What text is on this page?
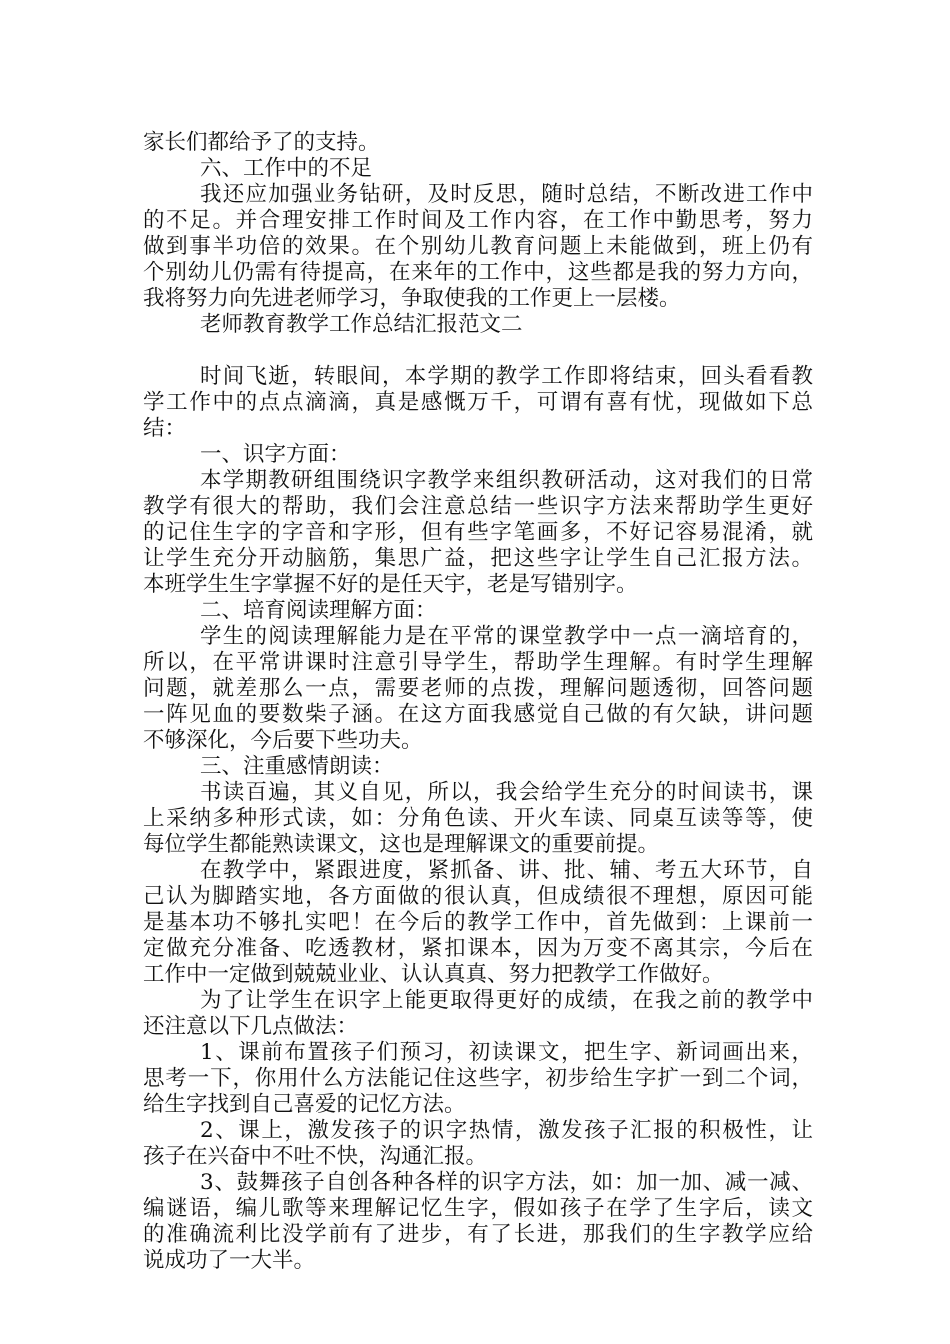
家长们都给予了的支持。
六、工作中的不足
我还应加强业务钻研，及时反思，随时总结，不断改进工作中
的不足。并合理安排工作时间及工作内容，在工作中勤思考，努力
做到事半功倍的效果。在个别幼儿教育问题上未能做到，班上仍有
个别幼儿仍需有待提高，在来年的工作中，这些都是我的努力方向，
我将努力向先进老师学习，争取使我的工作更上一层楼。
老师教育教学工作总结汇报范文二
时间飞逝，转眼间，本学期的教学工作即将结束，回头看看教
学工作中的点点滴滴，真是感慨万千，可谓有喜有忧，现做如下总
结：
一、识字方面：
本学期教研组围绕识字教学来组织教研活动，这对我们的日常
教学有很大的帮助，我们会注意总结一些识字方法来帮助学生更好
的记住生字的字音和字形，但有些字笔画多，不好记容易混淆，就
让学生充分开动脑筋，集思广益，把这些字让学生自己汇报方法。
本班学生生字掌握不好的是任天宇，老是写错别字。
二、培育阅读理解方面：
学生的阅读理解能力是在平常的课堂教学中一点一滴培育的，
所以，在平常讲课时注意引导学生，帮助学生理解。有时学生理解
问题，就差那么一点，需要老师的点拨，理解问题透彻，回答问题
一阵见血的要数柴子涵。在这方面我感觉自己做的有欠缺，讲问题
不够深化，今后要下些功夫。
三、注重感情朗读：
书读百遍，其义自见，所以，我会给学生充分的时间读书，课
上采纳多种形式读，如：分角色读、开火车读、同桌互读等等，使
每位学生都能熟读课文，这也是理解课文的重要前提。
在教学中，紧跟进度，紧抓备、讲、批、辅、考五大环节，自
己认为脚踏实地，各方面做的很认真，但成绩很不理想，原因可能
是基本功不够扎实吧！在今后的教学工作中，首先做到：上课前一
定做充分准备、吃透教材，紧扣课本，因为万变不离其宗，今后在
工作中一定做到兢兢业业、认认真真、努力把教学工作做好。
为了让学生在识字上能更取得更好的成绩，在我之前的教学中
还注意以下几点做法：
1、课前布置孩子们预习，初读课文，把生字、新词画出来，
思考一下，你用什么方法能记住这些字，初步给生字扩一到二个词，
给生字找到自己喜爱的记忆方法。
2、课上，激发孩子的识字热情，激发孩子汇报的积极性，让
孩子在兴奋中不吐不快，沟通汇报。
3、鼓舞孩子自创各种各样的识字方法，如：加一加、减一减、
编谜语，编儿歌等来理解记忆生字，假如孩子在学了生字后，读文
的准确流利比没学前有了进步，有了长进，那我们的生字教学应给
说成功了一大半。
